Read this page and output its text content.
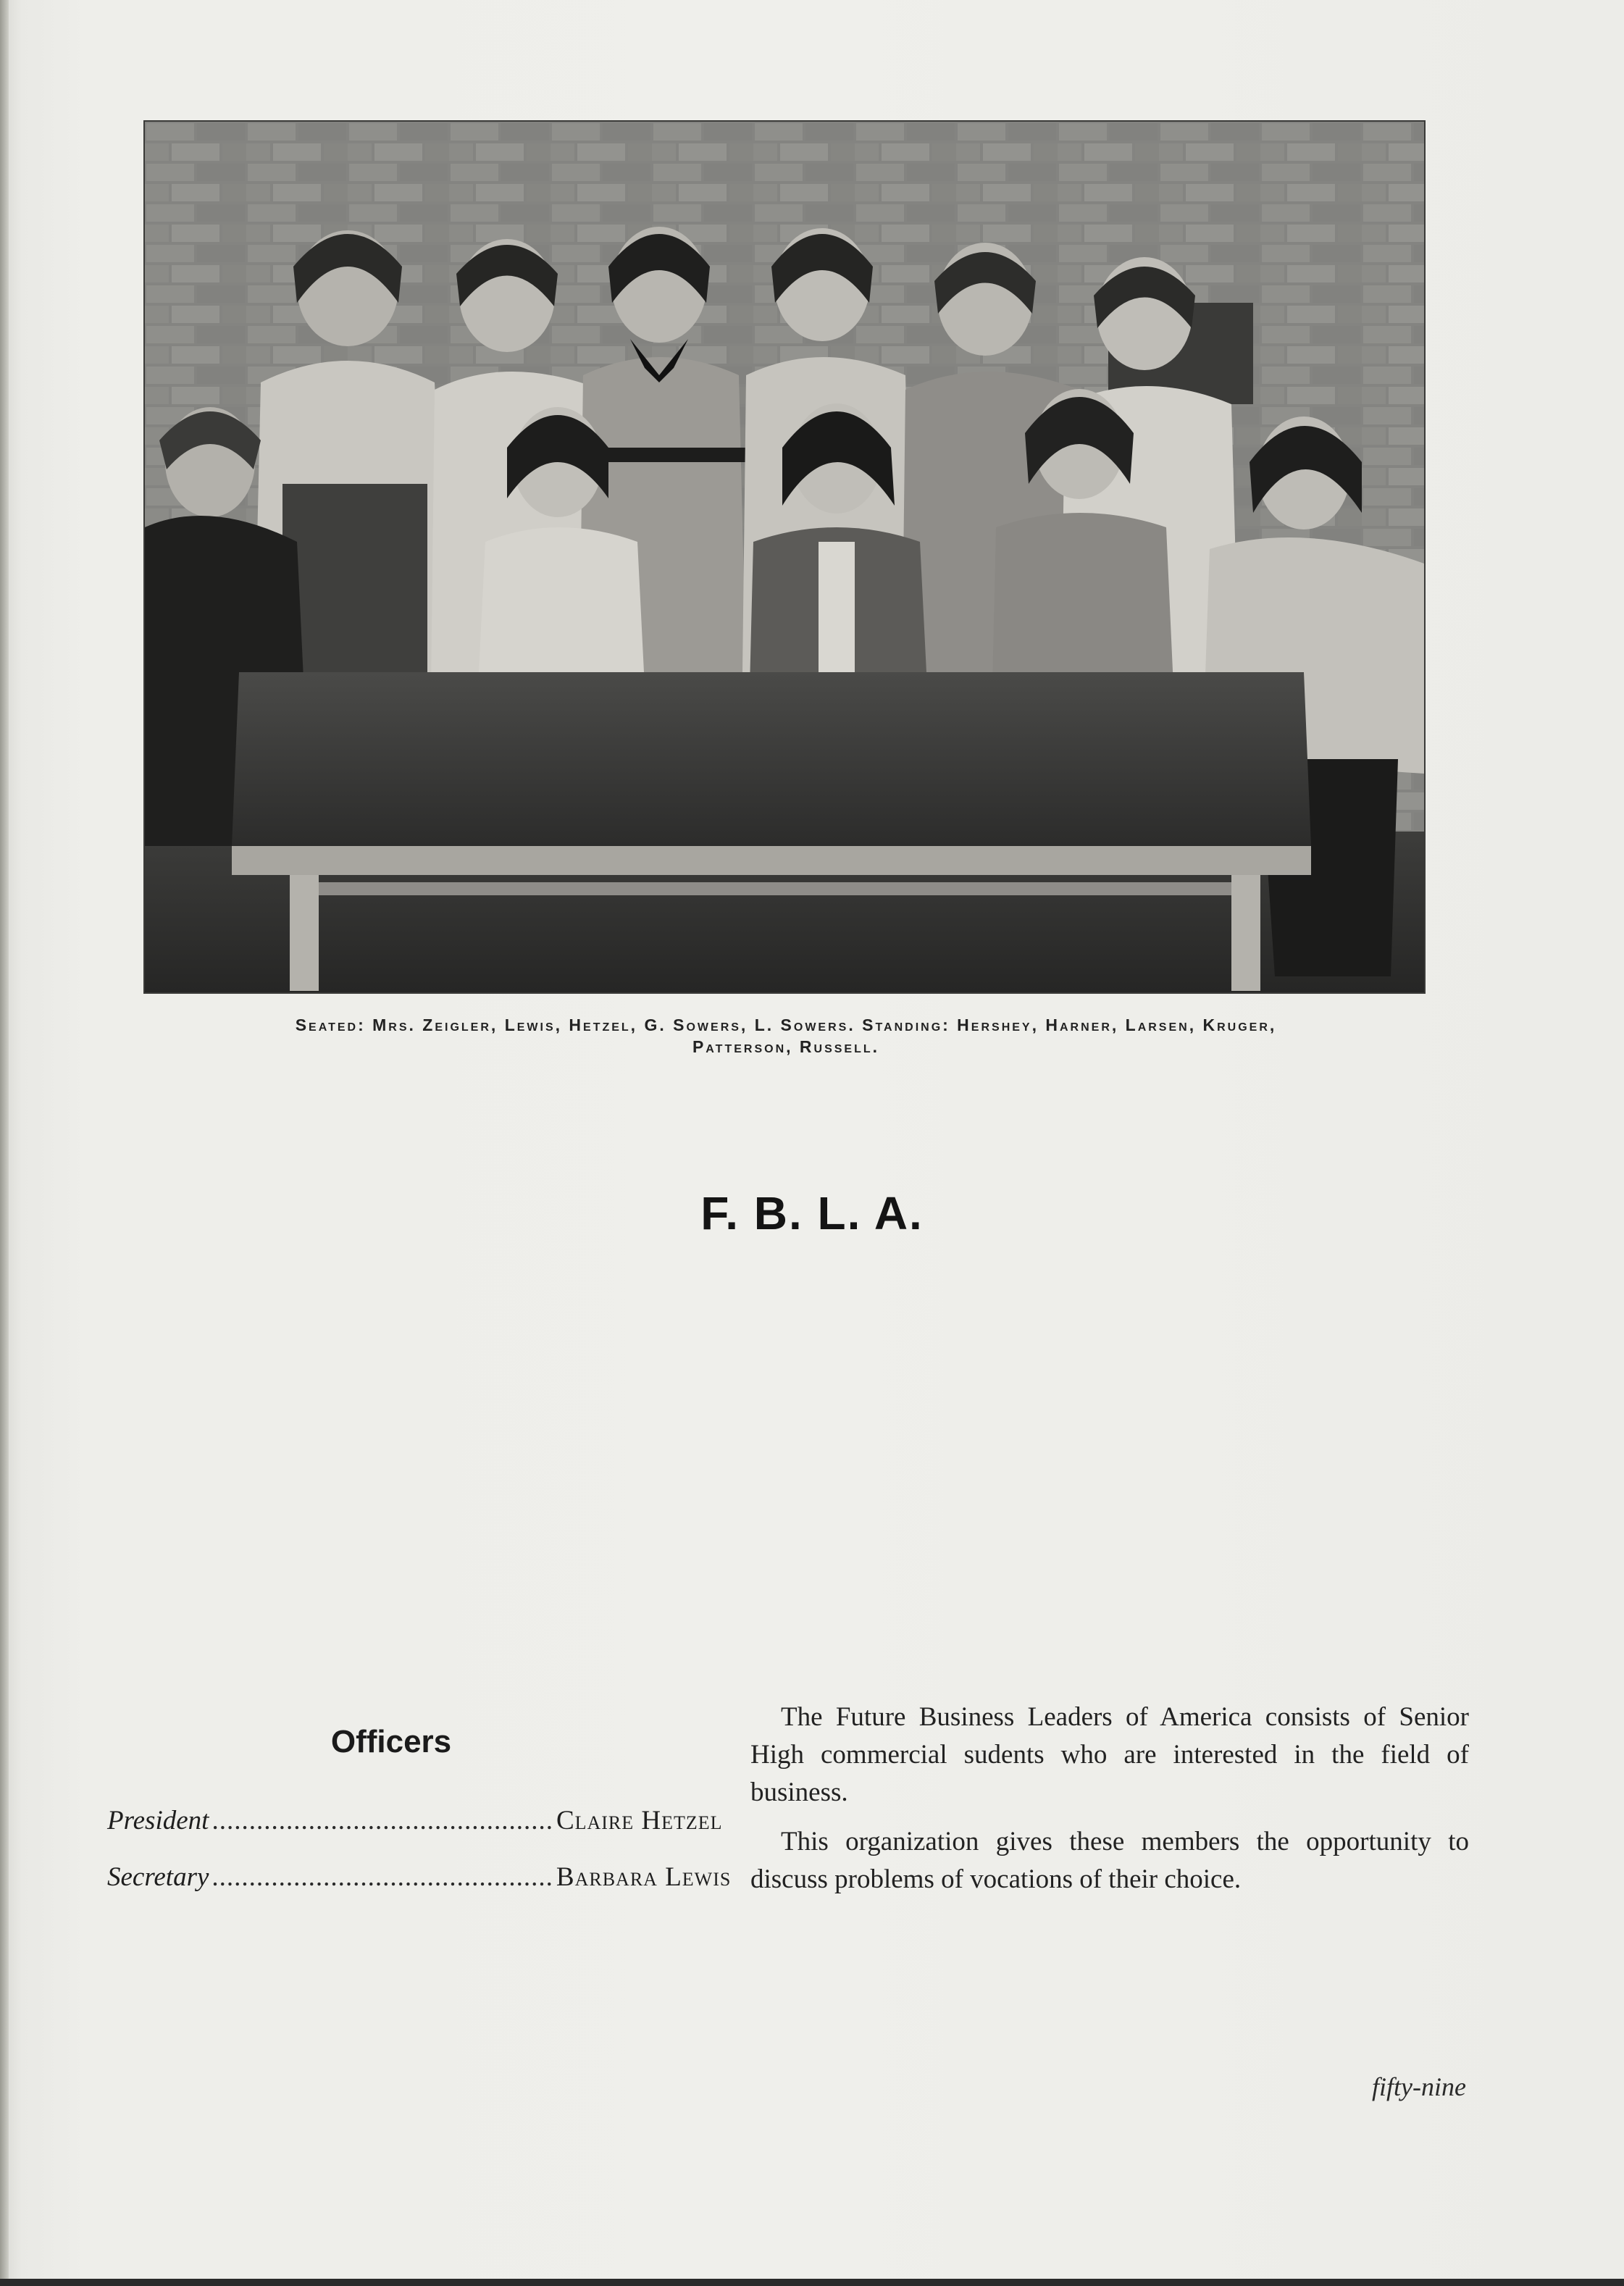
Seated: Mrs. Zeigler, Lewis, Hetzel, G. Sowers, L. Sowers. Standing: Hershey, Harner, Larsen, Kruger,
Patterson, Russell.
F. B. L. A.
Officers
President .............................................. Claire Hetzel
Secretary .............................................. Barbara Lewis

The Future Business Leaders of America consists of Senior High commercial sudents who are interested in the field of business.

This organization gives these members the opportunity to discuss problems of vocations of their choice.

fifty-nine
